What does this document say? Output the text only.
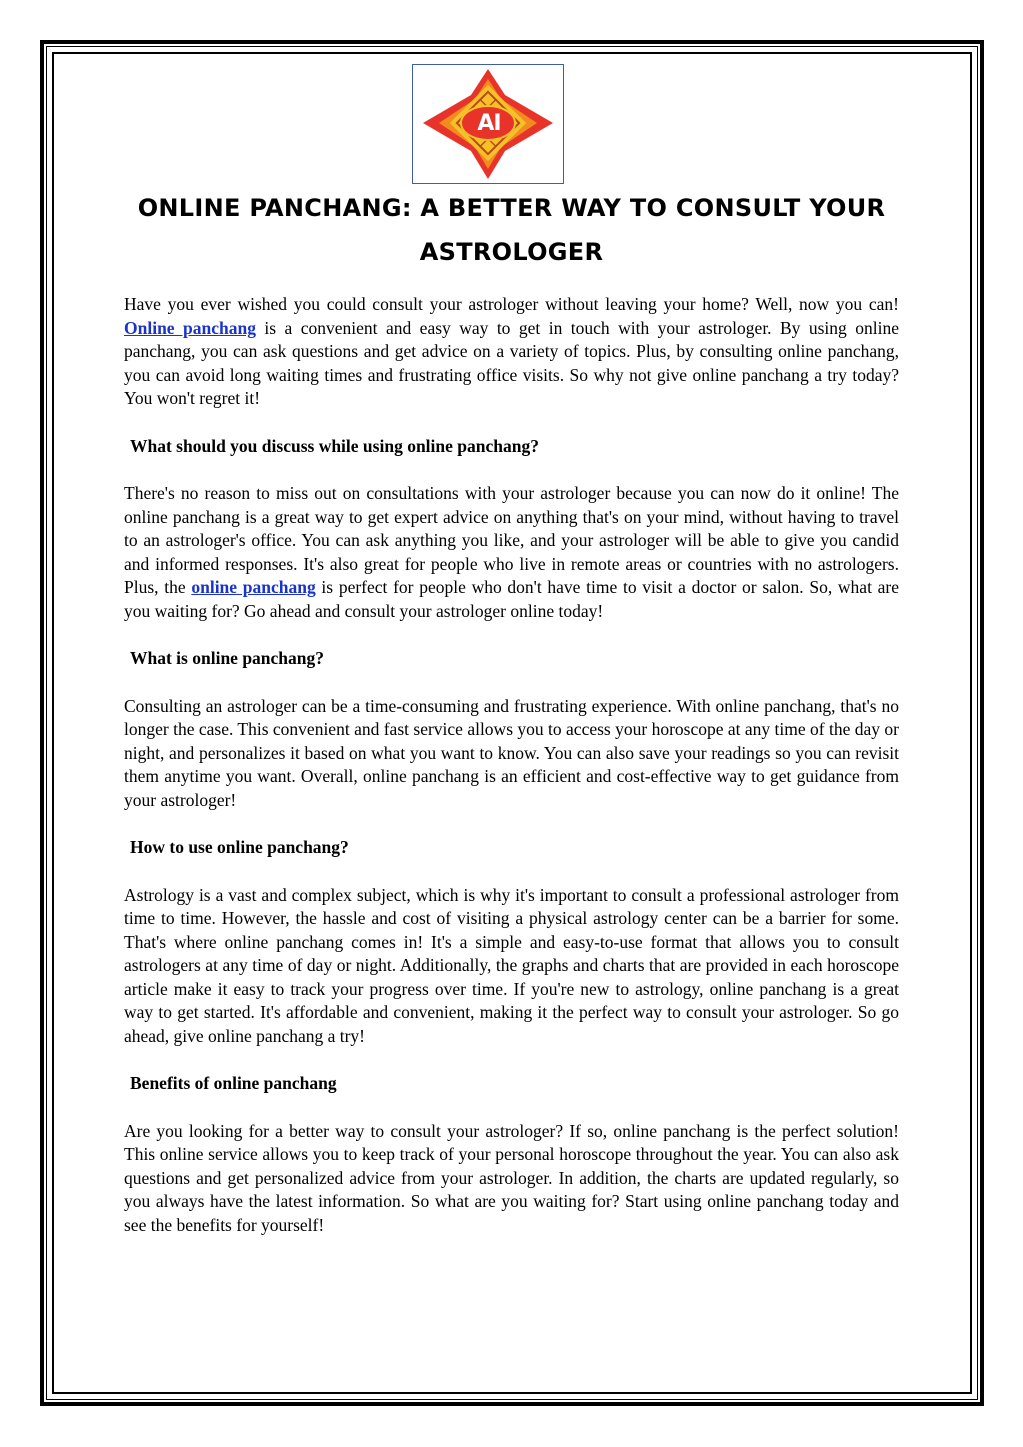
AI
ONLINE PANCHANG: A BETTER WAY TO CONSULT YOUR ASTROLOGER

Have you ever wished you could consult your astrologer without leaving your home? Well, now you can! Online panchang is a convenient and easy way to get in touch with your astrologer. By using online panchang, you can ask questions and get advice on a variety of topics. Plus, by consulting online panchang, you can avoid long waiting times and frustrating office visits. So why not give online panchang a try today? You won't regret it!

What should you discuss while using online panchang?

There's no reason to miss out on consultations with your astrologer because you can now do it online! The online panchang is a great way to get expert advice on anything that's on your mind, without having to travel to an astrologer's office. You can ask anything you like, and your astrologer will be able to give you candid and informed responses. It's also great for people who live in remote areas or countries with no astrologers. Plus, the online panchang is perfect for people who don't have time to visit a doctor or salon. So, what are you waiting for? Go ahead and consult your astrologer online today!

What is online panchang?

Consulting an astrologer can be a time-consuming and frustrating experience. With online panchang, that's no longer the case. This convenient and fast service allows you to access your horoscope at any time of the day or night, and personalizes it based on what you want to know. You can also save your readings so you can revisit them anytime you want. Overall, online panchang is an efficient and cost-effective way to get guidance from your astrologer!

How to use online panchang?

Astrology is a vast and complex subject, which is why it's important to consult a professional astrologer from time to time. However, the hassle and cost of visiting a physical astrology center can be a barrier for some. That's where online panchang comes in! It's a simple and easy-to-use format that allows you to consult astrologers at any time of day or night. Additionally, the graphs and charts that are provided in each horoscope article make it easy to track your progress over time. If you're new to astrology, online panchang is a great way to get started. It's affordable and convenient, making it the perfect way to consult your astrologer. So go ahead, give online panchang a try!

Benefits of online panchang

Are you looking for a better way to consult your astrologer? If so, online panchang is the perfect solution! This online service allows you to keep track of your personal horoscope throughout the year. You can also ask questions and get personalized advice from your astrologer. In addition, the charts are updated regularly, so you always have the latest information. So what are you waiting for? Start using online panchang today and see the benefits for yourself!
